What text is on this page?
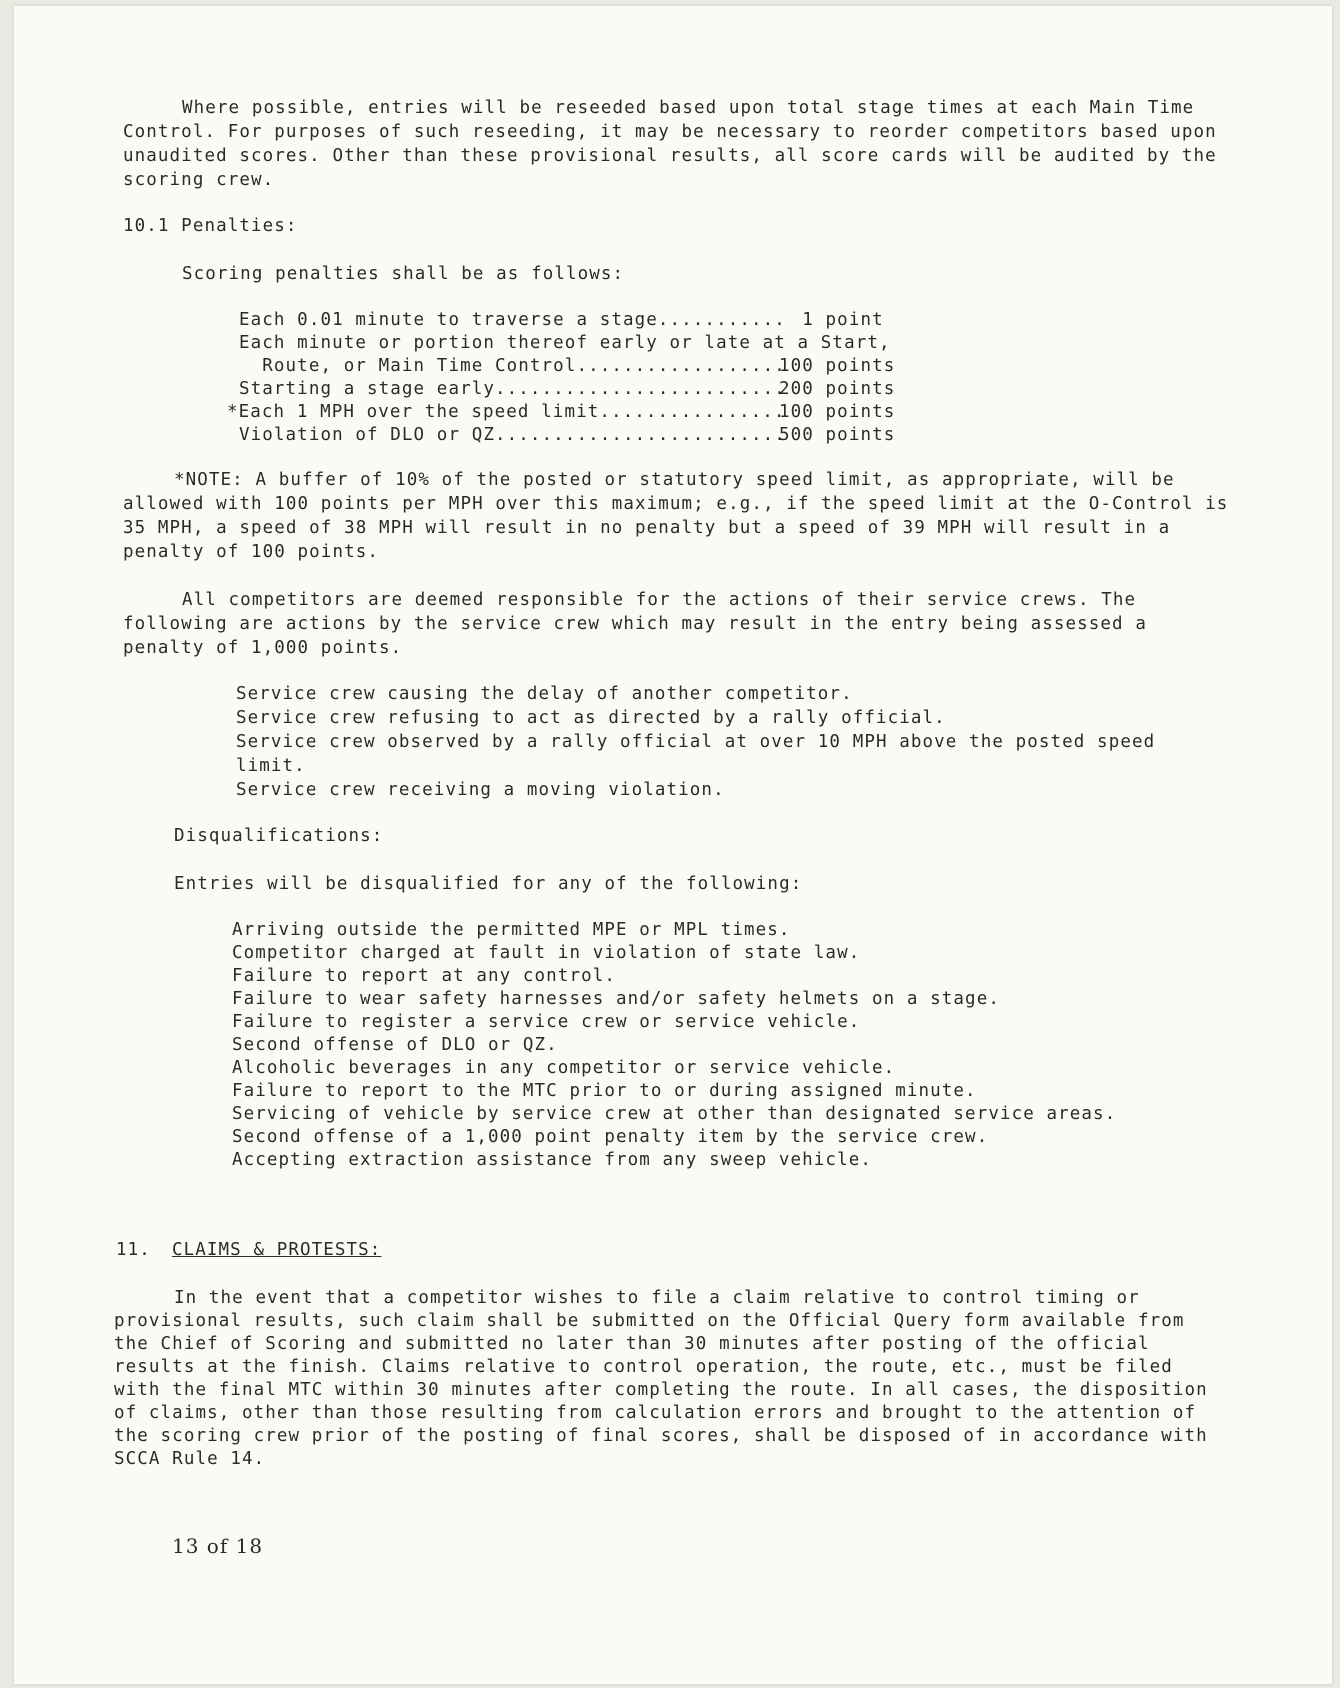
Where possible, entries will be reseeded based upon total stage times at each Main Time
Control. For purposes of such reseeding, it may be necessary to reorder competitors based upon
unaudited scores. Other than these provisional results, all score cards will be audited by the
scoring crew.
10.1 Penalties:
Scoring penalties shall be as follows:
Each 0.01 minute to traverse a stage...........
1 point
Each minute or portion thereof early or late at a Start,
Route, or Main Time Control..................
100 points
Starting a stage early.........................
200 points
*Each 1 MPH over the speed limit................
100 points
Violation of DLO or QZ.........................
500 points
*NOTE: A buffer of 10% of the posted or statutory speed limit, as appropriate, will be
allowed with 100 points per MPH over this maximum; e.g., if the speed limit at the O-Control is
35 MPH, a speed of 38 MPH will result in no penalty but a speed of 39 MPH will result in a
penalty of 100 points.
All competitors are deemed responsible for the actions of their service crews. The
following are actions by the service crew which may result in the entry being assessed a
penalty of 1,000 points.
Service crew causing the delay of another competitor.
Service crew refusing to act as directed by a rally official.
Service crew observed by a rally official at over 10 MPH above the posted speed
limit.
Service crew receiving a moving violation.
Disqualifications:
Entries will be disqualified for any of the following:
Arriving outside the permitted MPE or MPL times.
Competitor charged at fault in violation of state law.
Failure to report at any control.
Failure to wear safety harnesses and/or safety helmets on a stage.
Failure to register a service crew or service vehicle.
Second offense of DLO or QZ.
Alcoholic beverages in any competitor or service vehicle.
Failure to report to the MTC prior to or during assigned minute.
Servicing of vehicle by service crew at other than designated service areas.
Second offense of a 1,000 point penalty item by the service crew.
Accepting extraction assistance from any sweep vehicle.
11. CLAIMS & PROTESTS:
In the event that a competitor wishes to file a claim relative to control timing or
provisional results, such claim shall be submitted on the Official Query form available from
the Chief of Scoring and submitted no later than 30 minutes after posting of the official
results at the finish. Claims relative to control operation, the route, etc., must be filed
with the final MTC within 30 minutes after completing the route. In all cases, the disposition
of claims, other than those resulting from calculation errors and brought to the attention of
the scoring crew prior of the posting of final scores, shall be disposed of in accordance with
SCCA Rule 14.
13 of 18
